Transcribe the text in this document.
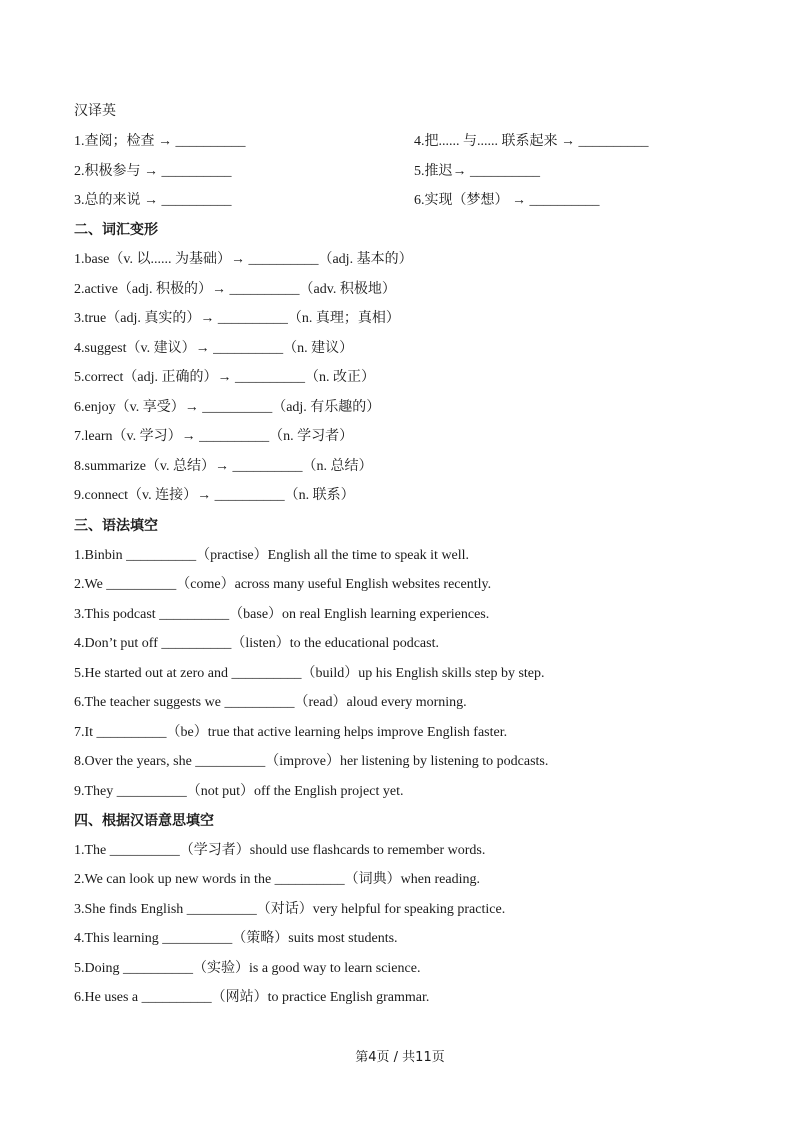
汉译英
1.查阅；检查 → __________	4.把...... 与...... 联系起来 → __________
2.积极参与 → __________	5.推迟→ __________
3.总的来说 → __________	6.实现（梦想） → __________
二、词汇变形
1.base（v. 以...... 为基础）→ __________（adj. 基本的）
2.active（adj. 积极的）→ __________（adv. 积极地）
3.true（adj. 真实的）→ __________（n. 真理；真相）
4.suggest（v. 建议）→ __________（n. 建议）
5.correct（adj. 正确的）→ __________（n. 改正）
6.enjoy（v. 享受）→ __________（adj. 有乐趣的）
7.learn（v. 学习）→ __________（n. 学习者）
8.summarize（v. 总结）→ __________（n. 总结）
9.connect（v. 连接）→ __________（n. 联系）
三、语法填空
1.Binbin __________（practise）English all the time to speak it well.
2.We __________（come）across many useful English websites recently.
3.This podcast __________（base）on real English learning experiences.
4.Don’t put off __________（listen）to the educational podcast.
5.He started out at zero and __________（build）up his English skills step by step.
6.The teacher suggests we __________（read）aloud every morning.
7.It __________（be）true that active learning helps improve English faster.
8.Over the years, she __________（improve）her listening by listening to podcasts.
9.They __________（not put）off the English project yet.
四、根据汉语意思填空
1.The __________（学习者）should use flashcards to remember words.
2.We can look up new words in the __________（词典）when reading.
3.She finds English __________（对话）very helpful for speaking practice.
4.This learning __________（策略）suits most students.
5.Doing __________（实验）is a good way to learn science.
6.He uses a __________（网站）to practice English grammar.
第4页 / 共11页
